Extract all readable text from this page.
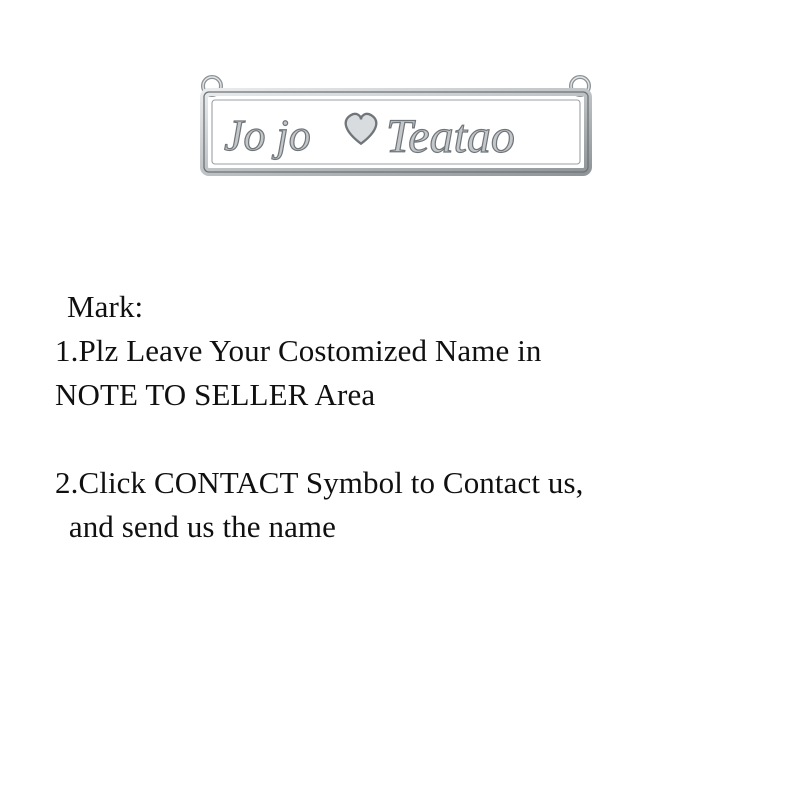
Jo jo Teatao
Mark:
1.Plz Leave Your Costomized Name in
NOTE TO SELLER Area
2.Click CONTACT Symbol to Contact us,
and send us the name
